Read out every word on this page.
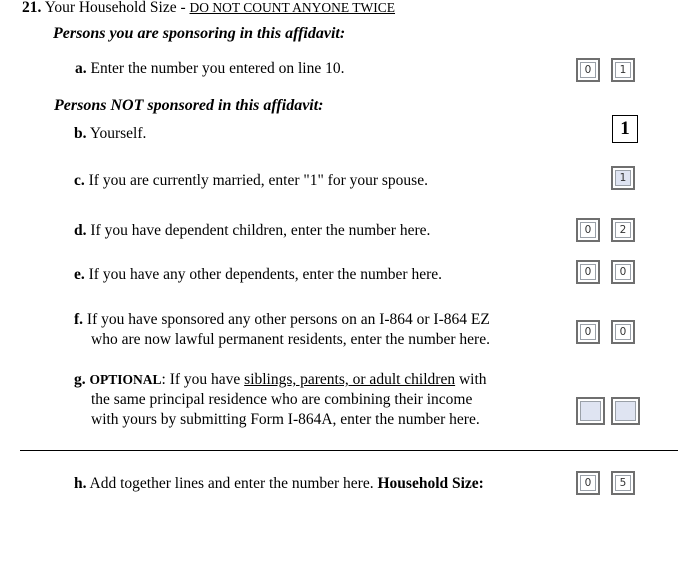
21. Your Household Size - DO NOT COUNT ANYONE TWICE
Persons you are sponsoring in this affidavit:
Persons NOT sponsored in this affidavit:
a. Enter the number you entered on line 10.	0	1
b. Yourself.	1
c. If you are currently married, enter "1" for your spouse.	1
d. If you have dependent children, enter the number here.	0	2
e. If you have any other dependents, enter the number here.	0	0
f. If you have sponsored any other persons on an I-864 or I-864 EZ
who are now lawful permanent residents, enter the number here.	0	0
g. OPTIONAL: If you have siblings, parents, or adult children with
the same principal residence who are combining their income
with yours by submitting Form I-864A, enter the number here.
h. Add together lines and enter the number here. Household Size:	0	5
